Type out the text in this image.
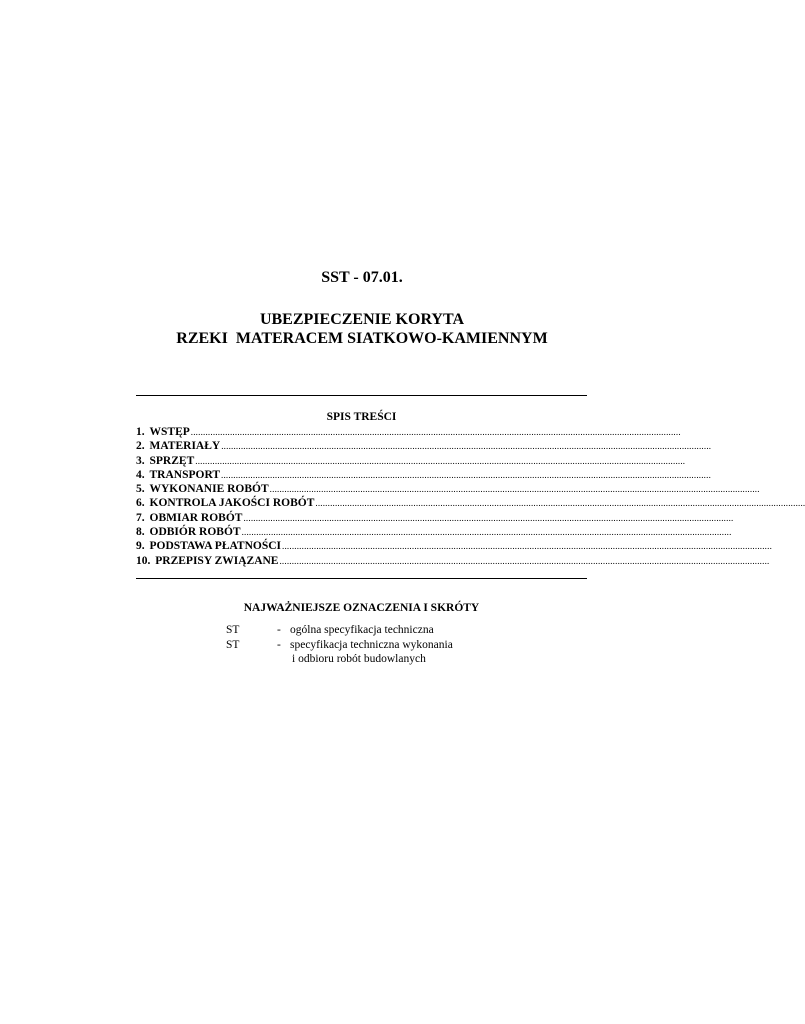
SST - 07.01.
UBEZPIECZENIE KORYTA
RZEKI  MATERACEM SIATKOWO-KAMIENNYM
SPIS TREŚCI
1.
WSTĘP ........................................................................................................................................................................................................
2.
MATERIAŁY ........................................................................................................................................................................................................
3.
SPRZĘT ........................................................................................................................................................................................................
4.
TRANSPORT ........................................................................................................................................................................................................
5.
WYKONANIE ROBÓT ........................................................................................................................................................................................................
6.
KONTROLA JAKOŚCI ROBÓT ........................................................................................................................................................................................................
7.
OBMIAR ROBÓT ........................................................................................................................................................................................................
8.
ODBIÓR ROBÓT ........................................................................................................................................................................................................
9.
PODSTAWA PŁATNOŚCI ........................................................................................................................................................................................................
10.
PRZEPISY ZWIĄZANE ........................................................................................................................................................................................................
NAJWAŻNIEJSZE OZNACZENIA I SKRÓTY
ST	- ogólna specyfikacja techniczna
ST	- specyfikacja techniczna wykonania
i odbioru robót budowlanych
